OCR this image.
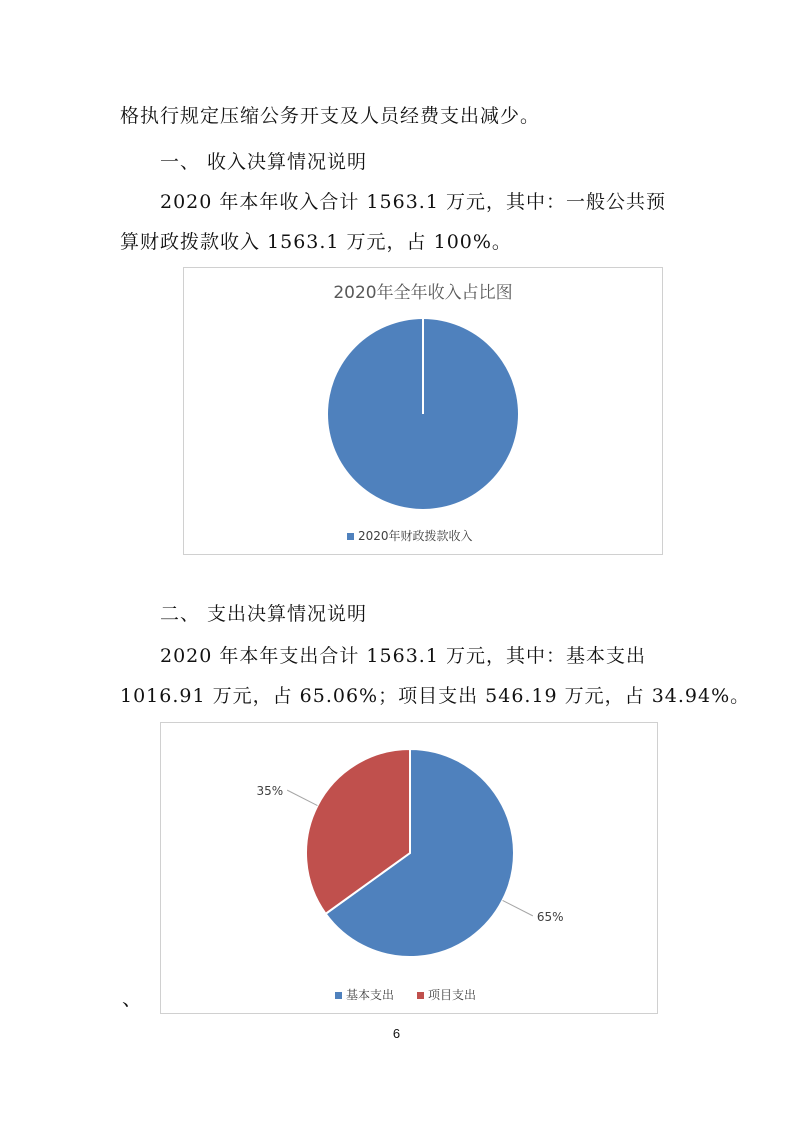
格执行规定压缩公务开支及人员经费支出减少。
一、 收入决算情况说明
2020 年本年收入合计 1563.1 万元，其中：一般公共预
算财政拨款收入 1563.1 万元，占 100%。
2020年全年收入占比图
2020年财政拨款收入
二、 支出决算情况说明
2020 年本年支出合计 1563.1 万元，其中：基本支出
1016.91 万元，占 65.06%；项目支出 546.19 万元，占 34.94%。
65%
35%
基本支出	项目支出
、
6
